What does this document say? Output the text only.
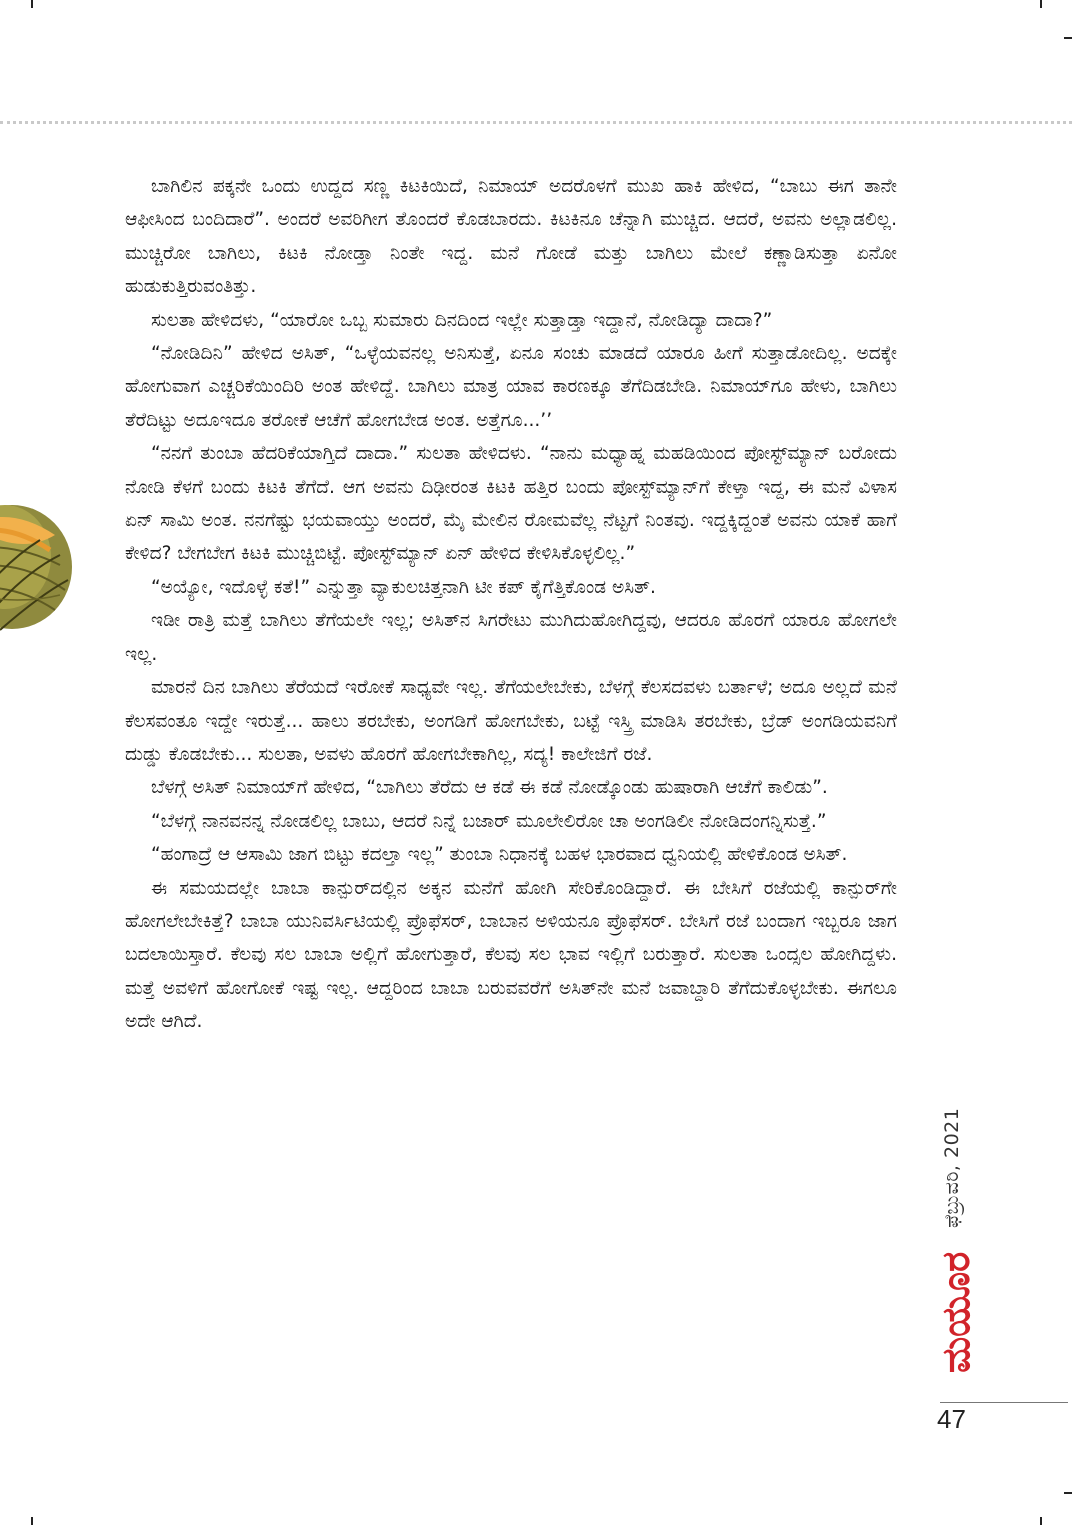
ಬಾಗಿಲಿನ ಪಕ್ಕನೇ ಒಂದು ಉದ್ದದ ಸಣ್ಣ ಕಿಟಕಿಯಿದೆ, ನಿಮಾಯ್ ಅದರೊಳಗೆ ಮುಖ ಹಾಕಿ ಹೇಳಿದ, “ಬಾಬು ಈಗ ತಾನೇ ಆಫೀಸಿಂದ ಬಂದಿದಾರೆ”. ಅಂದರೆ ಅವರಿಗೀಗ ತೊಂದರೆ ಕೊಡಬಾರದು. ಕಿಟಕಿನೂ ಚೆನ್ನಾಗಿ ಮುಚ್ಚಿದ. ಆದರೆ, ಅವನು ಅಲ್ಲಾಡಲಿಲ್ಲ. ಮುಚ್ಚಿರೋ ಬಾಗಿಲು, ಕಿಟಕಿ ನೋಡ್ತಾ ನಿಂತೇ ಇದ್ದ. ಮನೆ ಗೋಡೆ ಮತ್ತು ಬಾಗಿಲು ಮೇಲೆ ಕಣ್ಣಾಡಿಸುತ್ತಾ ಏನೋ ಹುಡುಕುತ್ತಿರುವಂತಿತ್ತು.

ಸುಲತಾ ಹೇಳಿದಳು, “ಯಾರೋ ಒಬ್ಬ ಸುಮಾರು ದಿನದಿಂದ ಇಲ್ಲೇ ಸುತ್ತಾಡ್ತಾ ಇದ್ದಾನೆ, ನೋಡಿದ್ಯಾ ದಾದಾ?”

“ನೋಡಿದಿನಿ” ಹೇಳಿದ ಅಸಿತ್, “ಒಳ್ಳೆಯವನಲ್ಲ ಅನಿಸುತ್ತೆ, ಏನೂ ಸಂಚು ಮಾಡದೆ ಯಾರೂ ಹೀಗೆ ಸುತ್ತಾಡೋದಿಲ್ಲ. ಅದಕ್ಕೇ ಹೋಗುವಾಗ ಎಚ್ಚರಿಕೆಯಿಂದಿರಿ ಅಂತ ಹೇಳಿದ್ದೆ. ಬಾಗಿಲು ಮಾತ್ರ ಯಾವ ಕಾರಣಕ್ಕೂ ತೆಗೆದಿಡಬೇಡಿ. ನಿಮಾಯ್‌ಗೂ ಹೇಳು, ಬಾಗಿಲು ತೆರೆದಿಟ್ಟು ಅದೂಇದೂ ತರೋಕೆ ಆಚೆಗೆ ಹೋಗಬೇಡ ಅಂತ. ಅತ್ತೆಗೂ...’’

“ನನಗೆ ತುಂಬಾ ಹೆದರಿಕೆಯಾಗ್ತಿದೆ ದಾದಾ.” ಸುಲತಾ ಹೇಳಿದಳು. “ನಾನು ಮಧ್ಯಾಹ್ನ ಮಹಡಿಯಿಂದ ಪೋಸ್ಟ್‌ಮ್ಯಾನ್ ಬರೋದು ನೋಡಿ ಕೆಳಗೆ ಬಂದು ಕಿಟಕಿ ತೆಗೆದೆ. ಆಗ ಅವನು ದಿಢೀರಂತ ಕಿಟಕಿ ಹತ್ತಿರ ಬಂದು ಪೋಸ್ಟ್‌ಮ್ಯಾನ್‌ಗೆ ಕೇಳ್ತಾ ಇದ್ದ, ಈ ಮನೆ ವಿಳಾಸ ಏನ್ ಸಾಮಿ ಅಂತ. ನನಗೆಷ್ಟು ಭಯವಾಯ್ತು ಅಂದರೆ, ಮೈ ಮೇಲಿನ ರೋಮವೆಲ್ಲ ನೆಟ್ಟಗೆ ನಿಂತವು. ಇದ್ದಕ್ಕಿದ್ದಂತೆ ಅವನು ಯಾಕೆ ಹಾಗೆ ಕೇಳಿದ? ಬೇಗಬೇಗ ಕಿಟಕಿ ಮುಚ್ಚಿಬಿಟ್ಟೆ. ಪೋಸ್ಟ್‌ಮ್ಯಾನ್ ಏನ್ ಹೇಳಿದ ಕೇಳಿಸಿಕೊಳ್ಳಲಿಲ್ಲ.”

“ಅಯ್ಯೋ, ಇದೊಳ್ಳೆ ಕತೆ!” ಎನ್ನುತ್ತಾ ವ್ಯಾಕುಲಚಿತ್ತನಾಗಿ ಟೀ ಕಪ್ ಕೈಗೆತ್ತಿಕೊಂಡ ಅಸಿತ್.

ಇಡೀ ರಾತ್ರಿ ಮತ್ತೆ ಬಾಗಿಲು ತೆಗೆಯಲೇ ಇಲ್ಲ; ಅಸಿತ್‌ನ ಸಿಗರೇಟು ಮುಗಿದುಹೋಗಿದ್ದವು, ಆದರೂ ಹೊರಗೆ ಯಾರೂ ಹೋಗಲೇ ಇಲ್ಲ.

ಮಾರನೆ ದಿನ ಬಾಗಿಲು ತೆರೆಯದೆ ಇರೋಕೆ ಸಾಧ್ಯವೇ ಇಲ್ಲ. ತೆಗೆಯಲೇಬೇಕು, ಬೆಳಗ್ಗೆ ಕೆಲಸದವಳು ಬರ್ತಾಳೆ; ಅದೂ ಅಲ್ಲದೆ ಮನೆ ಕೆಲಸವಂತೂ ಇದ್ದೇ ಇರುತ್ತೆ... ಹಾಲು ತರಬೇಕು, ಅಂಗಡಿಗೆ ಹೋಗಬೇಕು, ಬಟ್ಟೆ ಇಸ್ತ್ರಿ ಮಾಡಿಸಿ ತರಬೇಕು, ಬ್ರೆಡ್ ಅಂಗಡಿಯವನಿಗೆ ದುಡ್ಡು ಕೊಡಬೇಕು... ಸುಲತಾ, ಅವಳು ಹೊರಗೆ ಹೋಗಬೇಕಾಗಿಲ್ಲ, ಸದ್ಯ! ಕಾಲೇಜಿಗೆ ರಜೆ.

ಬೆಳಗ್ಗೆ ಅಸಿತ್ ನಿಮಾಯ್‌ಗೆ ಹೇಳಿದ, “ಬಾಗಿಲು ತೆರೆದು ಆ ಕಡೆ ಈ ಕಡೆ ನೋಡ್ಕೊಂಡು ಹುಷಾರಾಗಿ ಆಚೆಗೆ ಕಾಲಿಡು”.

“ಬೆಳಗ್ಗೆ ನಾನವನನ್ನ ನೋಡಲಿಲ್ಲ ಬಾಬು, ಆದರೆ ನಿನ್ನೆ ಬಜಾರ್ ಮೂಲೇಲಿರೋ ಚಾ ಅಂಗಡಿಲೀ ನೋಡಿದಂಗನ್ನಿಸುತ್ತೆ.”

“ಹಂಗಾದ್ರೆ ಆ ಆಸಾಮಿ ಜಾಗ ಬಿಟ್ಟು ಕದಲ್ತಾ ಇಲ್ಲ” ತುಂಬಾ ನಿಧಾನಕ್ಕೆ ಬಹಳ ಭಾರವಾದ ಧ್ವನಿಯಲ್ಲಿ ಹೇಳಿಕೊಂಡ ಅಸಿತ್.

ಈ ಸಮಯದಲ್ಲೇ ಬಾಬಾ ಕಾನ್ಪುರ್‌ದಲ್ಲಿನ ಅಕ್ಕನ ಮನೆಗೆ ಹೋಗಿ ಸೇರಿಕೊಂಡಿದ್ದಾರೆ. ಈ ಬೇಸಿಗೆ ರಜೆಯಲ್ಲಿ ಕಾನ್ಪುರ್‌ಗೇ ಹೋಗಲೇಬೇಕಿತ್ತೆ? ಬಾಬಾ ಯುನಿವರ್ಸಿಟಿಯಲ್ಲಿ ಪ್ರೊಫೆಸರ್, ಬಾಬಾನ ಅಳಿಯನೂ ಪ್ರೊಫೆಸರ್. ಬೇಸಿಗೆ ರಜೆ ಬಂದಾಗ ಇಬ್ಬರೂ ಜಾಗ ಬದಲಾಯಿಸ್ತಾರೆ. ಕೆಲವು ಸಲ ಬಾಬಾ ಅಲ್ಲಿಗೆ ಹೋಗುತ್ತಾರೆ, ಕೆಲವು ಸಲ ಭಾವ ಇಲ್ಲಿಗೆ ಬರುತ್ತಾರೆ. ಸುಲತಾ ಒಂದ್ಸಲ ಹೋಗಿದ್ದಳು. ಮತ್ತೆ ಅವಳಿಗೆ ಹೋಗೋಕೆ ಇಷ್ಟ ಇಲ್ಲ. ಆದ್ದರಿಂದ ಬಾಬಾ ಬರುವವರೆಗೆ ಅಸಿತ್‌ನೇ ಮನೆ ಜವಾಬ್ದಾರಿ ತೆಗೆದುಕೊಳ್ಳಬೇಕು. ಈಗಲೂ ಅದೇ ಆಗಿದೆ.

ಫೆಬ್ರುವರಿ, 2021
ಮಯೂರ
47
